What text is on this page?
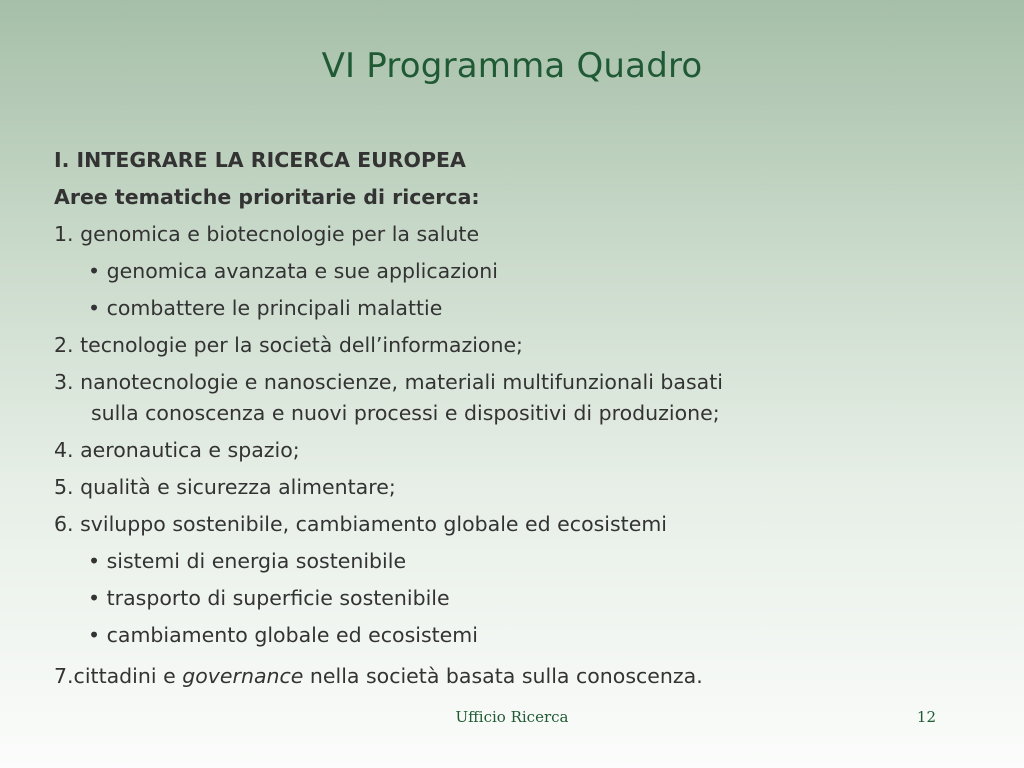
VI Programma Quadro
I. INTEGRARE LA RICERCA EUROPEA
Aree tematiche prioritarie di ricerca:
1. genomica e biotecnologie per la salute
• genomica avanzata e sue applicazioni
• combattere le principali malattie
2. tecnologie per la società dell’informazione;
3. nanotecnologie e nanoscienze, materiali multifunzionali basati
sulla conoscenza e nuovi processi e dispositivi di produzione;
4. aeronautica e spazio;
5. qualità e sicurezza alimentare;
6. sviluppo sostenibile, cambiamento globale ed ecosistemi
• sistemi di energia sostenibile
• trasporto di superficie sostenibile
• cambiamento globale ed ecosistemi
7.cittadini e governance nella società basata sulla conoscenza.
Ufficio Ricerca	12
